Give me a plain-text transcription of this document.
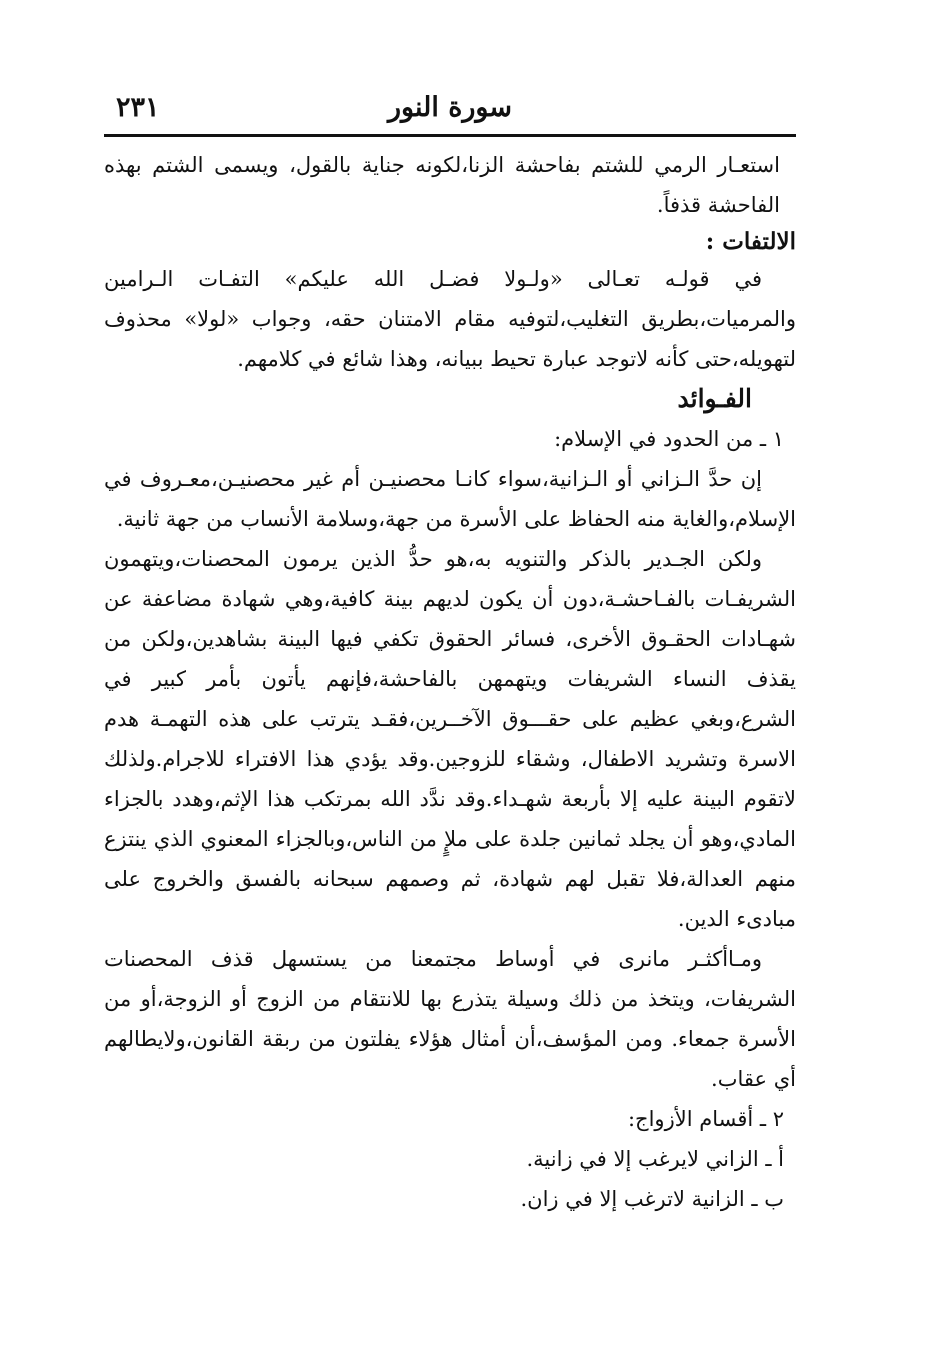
سورة النور
٢٣١

استعـار الرمي للشتم بفاحشة الزنا،لكونه جناية بالقول، ويسمى الشتم بهذه الفاحشة قذفاً.

الالتفات :

في قولـه تعـالى «ولـولا فضـل الله عليكم» التفـات الـرامين والمرميات،بطريق التغليب،لتوفيه مقام الامتنان حقه، وجواب «لولا» محذوف لتهويله،حتى كأنه لاتوجد عبارة تحيط ببيانه، وهذا شائع في كلامهم.

الفـوائد

١ ـ من الحدود في الإسلام:

إن حدَّ الـزاني أو الـزانية،سواء كانـا محصنيـن أم غير محصنيـن،معـروف في الإسلام،والغاية منه الحفاظ على الأسرة من جهة،وسلامة الأنساب من جهة ثانية.

ولكن الجـدير بالذكر والتنويه به،هو حدُّ الذين يرمون المحصنات،ويتهمون الشريفـات بالفـاحشـة،دون أن يكون لديهم بينة كافية،وهي شهادة مضاعفة عن شهـادات الحقـوق الأخرى، فسائر الحقوق تكفي فيها البينة بشاهدين،ولكن من يقذف النساء الشريفات ويتهمهن بالفاحشة،فإنهم يأتون بأمر كبير في الشرع،وبغي عظيم على حقـــوق الآخــرين،فقـد يترتب على هذه التهمـة هدم الاسرة وتشريد الاطفال، وشقاء للزوجين.وقد يؤدي هذا الافتراء للاجرام.ولذلك لاتقوم البينة عليه إلا بأربعة شهـداء.وقد ندَّد الله بمرتكب هذا الإثم،وهدد بالجزاء المادي،وهو أن يجلد ثمانين جلدة على ملإٍ من الناس،وبالجزاء المعنوي الذي ينتزع منهم العدالة،فلا تقبل لهم شهادة، ثم وصمهم سبحانه بالفسق والخروج على مبادىء الدين.

ومـاأكثـر مانرى في أوساط مجتمعنا من يستسهل قذف المحصنات الشريفات، ويتخذ من ذلك وسيلة يتذرع بها للانتقام من الزوج أو الزوجة،أو من الأسرة جمعاء. ومن المؤسف،أن أمثال هؤلاء يفلتون من ربقة القانون،ولايطالهم أي عقاب.

٢ ـ أقسام الأزواج:

أ ـ الزاني لايرغب إلا في زانية.

ب ـ الزانية لاترغب إلا في زان.
